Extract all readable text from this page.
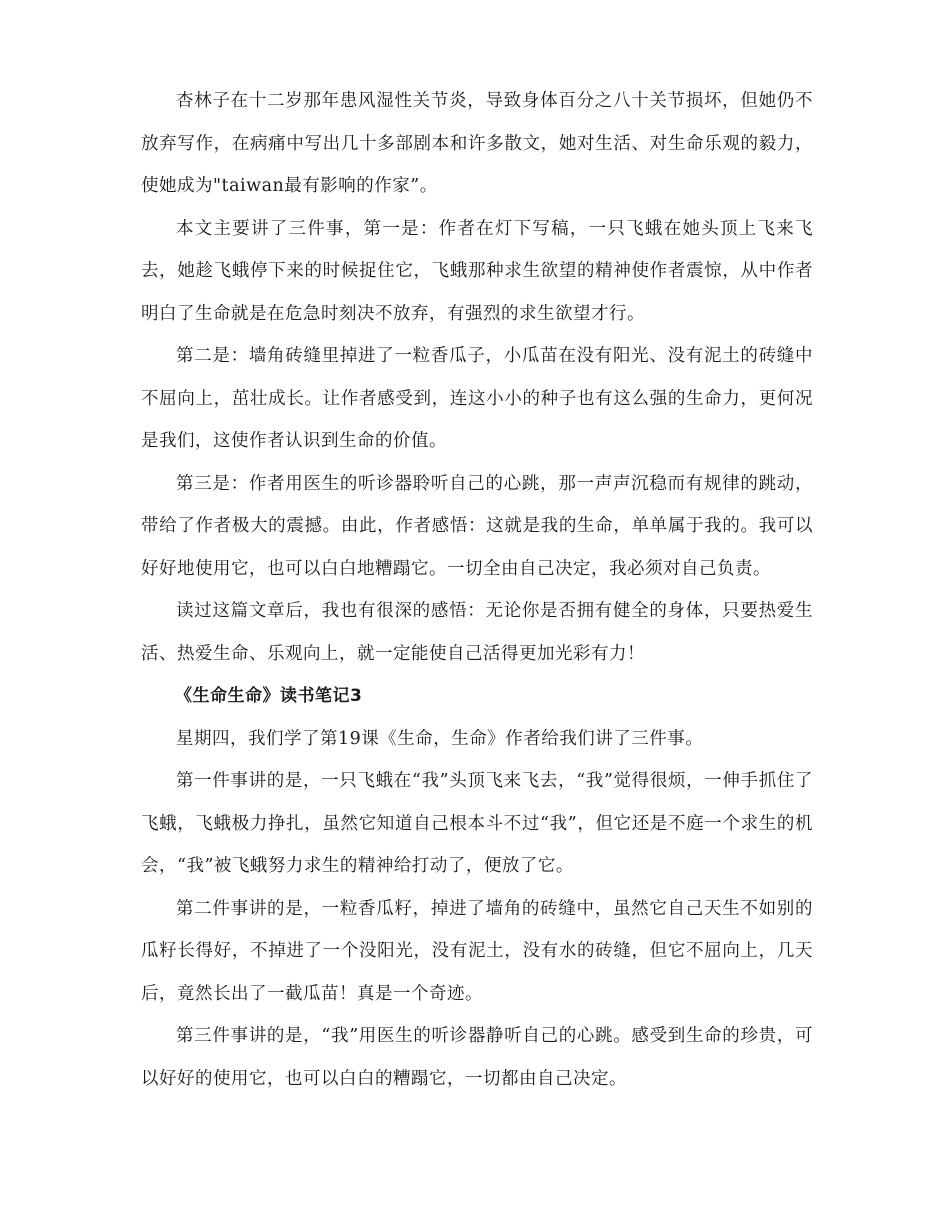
杏林子在十二岁那年患风湿性关节炎，导致身体百分之八十关节损坏，但她仍不放弃写作，在病痛中写出几十多部剧本和许多散文，她对生活、对生命乐观的毅力，使她成为"taiwan最有影响的作家”。

本文主要讲了三件事，第一是：作者在灯下写稿，一只飞蛾在她头顶上飞来飞去，她趁飞蛾停下来的时候捉住它，飞蛾那种求生欲望的精神使作者震惊，从中作者明白了生命就是在危急时刻决不放弃，有强烈的求生欲望才行。

第二是：墙角砖缝里掉进了一粒香瓜子，小瓜苗在没有阳光、没有泥土的砖缝中不屈向上，茁壮成长。让作者感受到，连这小小的种子也有这么强的生命力，更何况是我们，这使作者认识到生命的价值。

第三是：作者用医生的听诊器聆听自己的心跳，那一声声沉稳而有规律的跳动，带给了作者极大的震撼。由此，作者感悟：这就是我的生命，单单属于我的。我可以好好地使用它，也可以白白地糟蹋它。一切全由自己决定，我必须对自己负责。

读过这篇文章后，我也有很深的感悟：无论你是否拥有健全的身体，只要热爱生活、热爱生命、乐观向上，就一定能使自己活得更加光彩有力！

《生命生命》读书笔记3

星期四，我们学了第19课《生命，生命》作者给我们讲了三件事。

第一件事讲的是，一只飞蛾在“我”头顶飞来飞去，“我”觉得很烦，一伸手抓住了飞蛾，飞蛾极力挣扎，虽然它知道自己根本斗不过“我”，但它还是不庭一个求生的机会，“我”被飞蛾努力求生的精神给打动了，便放了它。

第二件事讲的是，一粒香瓜籽，掉进了墙角的砖缝中，虽然它自己天生不如别的瓜籽长得好，不掉进了一个没阳光，没有泥土，没有水的砖缝，但它不屈向上，几天后，竟然长出了一截瓜苗！真是一个奇迹。

第三件事讲的是，“我”用医生的听诊器静听自己的心跳。感受到生命的珍贵，可以好好的使用它，也可以白白的糟蹋它，一切都由自己决定。
